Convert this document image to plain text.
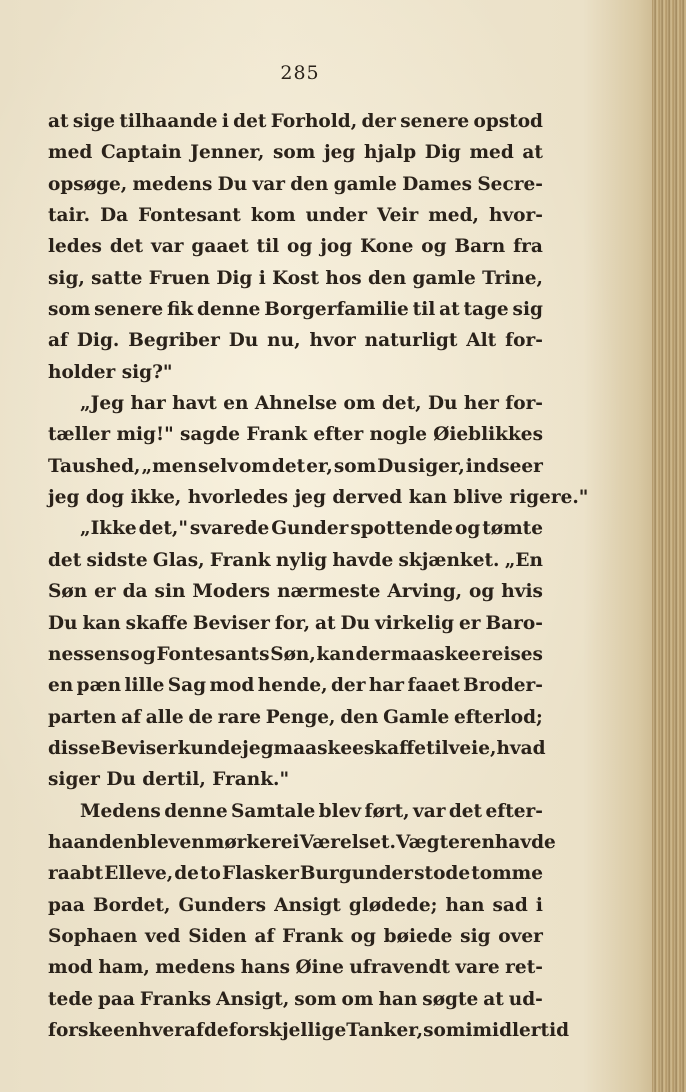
285
at sige tilhaande i det Forhold, der senere opstod
med Captain Jenner, som jeg hjalp Dig med at
opsøge, medens Du var den gamle Dames Secre-
tair. Da Fontesant kom under Veir med, hvor-
ledes det var gaaet til og jog Kone og Barn fra
sig, satte Fruen Dig i Kost hos den gamle Trine,
som senere fik denne Borgerfamilie til at tage sig
af Dig. Begriber Du nu, hvor naturligt Alt for-
holder sig?"
„Jeg har havt en Ahnelse om det, Du her for-
tæller mig!" sagde Frank efter nogle Øieblikkes
Taushed, „men selv om det er, som Du siger, indseer
jeg dog ikke, hvorledes jeg derved kan blive rigere."
„Ikke det," svarede Gunder spottende og tømte
det sidste Glas, Frank nylig havde skjænket. „En
Søn er da sin Moders nærmeste Arving, og hvis
Du kan skaffe Beviser for, at Du virkelig er Baro-
nessens og Fontesants Søn, kan der maaskee reises
en pæn lille Sag mod hende, der har faaet Broder-
parten af alle de rare Penge, den Gamle efterlod;
disse Beviser kunde jeg maaskee skaffe tilveie, hvad
siger Du dertil, Frank."
Medens denne Samtale blev ført, var det efter-
haanden bleven mørkere i Værelset. Vægteren havde
raabt Elleve, de to Flasker Burgunder stode tomme
paa Bordet, Gunders Ansigt glødede; han sad i
Sophaen ved Siden af Frank og bøiede sig over
mod ham, medens hans Øine ufravendt vare ret-
tede paa Franks Ansigt, som om han søgte at ud-
forske enhver af de forskjellige Tanker, som imidlertid
